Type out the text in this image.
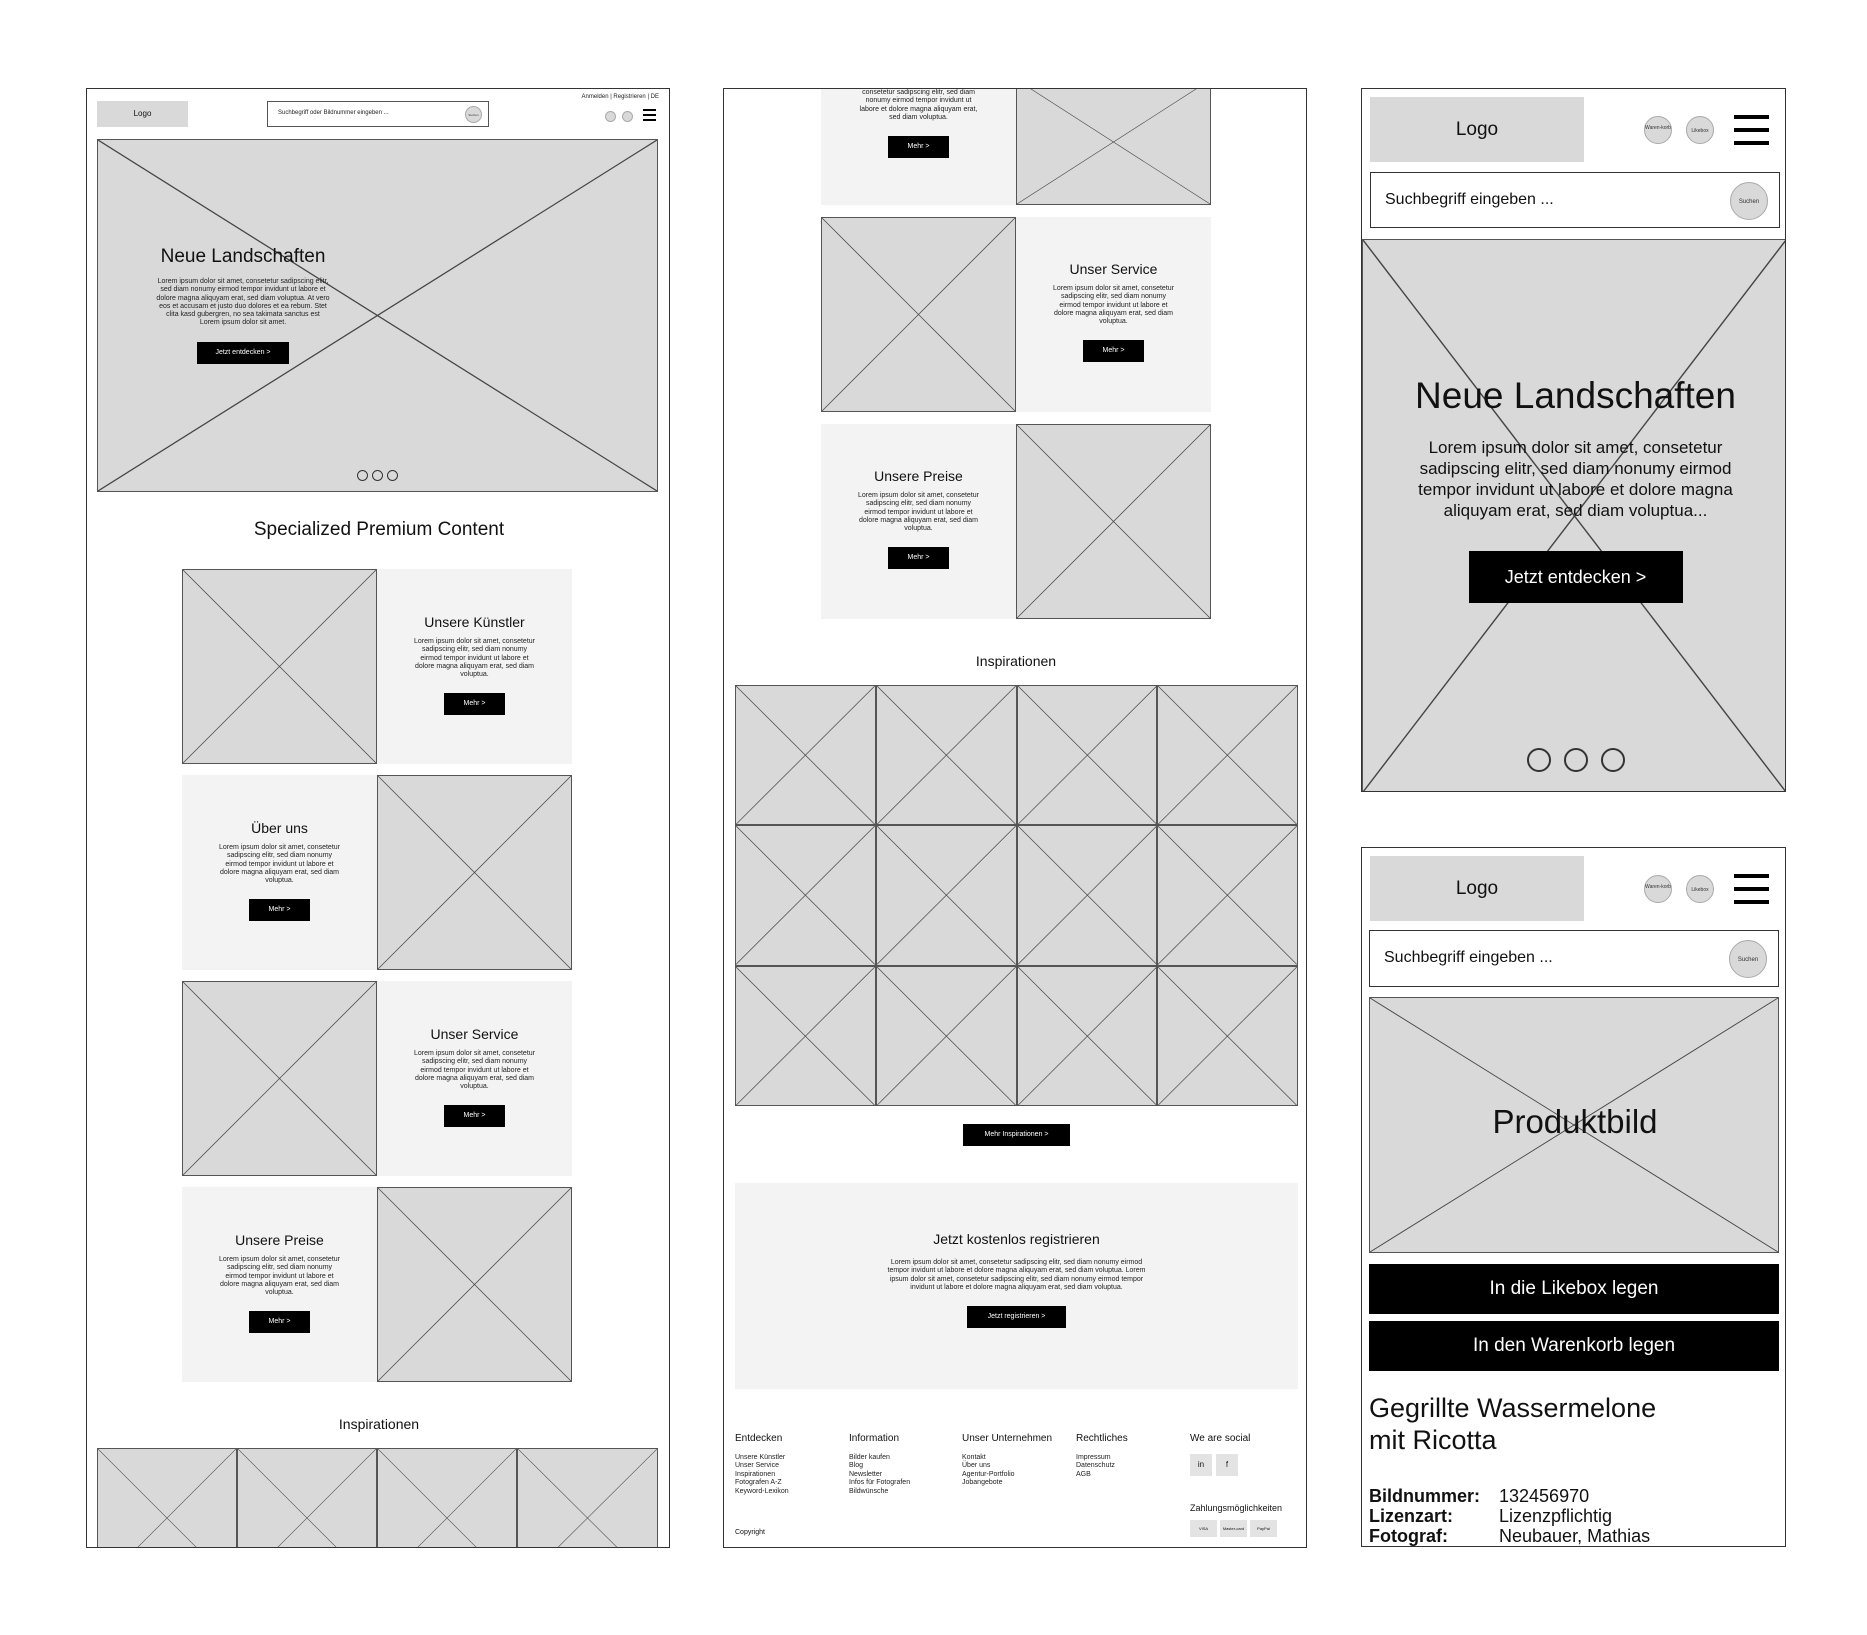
Logo	Suchbegriff oder Bildnummer eingeben ...	Suchen
Anmelden | Registrieren | DE
Neue Landschaften
Lorem ipsum dolor sit amet, consetetur sadipscing elitr, sed diam nonumy eirmod tempor invidunt ut labore et dolore magna aliquyam erat, sed diam voluptua. At vero eos et accusam et justo duo dolores et ea rebum. Stet clita kasd gubergren, no sea takimata sanctus est Lorem ipsum dolor sit amet.
Jetzt entdecken >
Specialized Premium Content
Unsere Künstler
Lorem ipsum dolor sit amet, consetetur sadipscing elitr, sed diam nonumy eirmod tempor invidunt ut labore et dolore magna aliquyam erat, sed diam voluptua.
Mehr >
Über uns
Lorem ipsum dolor sit amet, consetetur sadipscing elitr, sed diam nonumy eirmod tempor invidunt ut labore et dolore magna aliquyam erat, sed diam voluptua.
Mehr >
Unser Service
Lorem ipsum dolor sit amet, consetetur sadipscing elitr, sed diam nonumy eirmod tempor invidunt ut labore et dolore magna aliquyam erat, sed diam voluptua.
Mehr >
Unsere Preise
Lorem ipsum dolor sit amet, consetetur sadipscing elitr, sed diam nonumy eirmod tempor invidunt ut labore et dolore magna aliquyam erat, sed diam voluptua.
Mehr >
Inspirationen
consetetur sadipscing elitr, sed diam nonumy eirmod tempor invidunt ut labore et dolore magna aliquyam erat, sed diam voluptua.
Mehr >
Unser Service
Lorem ipsum dolor sit amet, consetetur sadipscing elitr, sed diam nonumy eirmod tempor invidunt ut labore et dolore magna aliquyam erat, sed diam voluptua.
Mehr >
Unsere Preise
Lorem ipsum dolor sit amet, consetetur sadipscing elitr, sed diam nonumy eirmod tempor invidunt ut labore et dolore magna aliquyam erat, sed diam voluptua.
Mehr >
Inspirationen
Mehr Inspirationen >
Jetzt kostenlos registrieren
Lorem ipsum dolor sit amet, consetetur sadipscing elitr, sed diam nonumy eirmod tempor invidunt ut labore et dolore magna aliquyam erat, sed diam voluptua. Lorem ipsum dolor sit amet, consetetur sadipscing elitr, sed diam nonumy eirmod tempor invidunt ut labore et dolore magna aliquyam erat, sed diam voluptua.
Jetzt registrieren >
Entdecken
Unsere Künstler
Unser Service
Inspirationen
Fotografen A-Z
Keyword-Lexikon
Information
Bilder kaufen
Blog
Newsletter
Infos für Fotografen
Bildwünsche
Unser Unternehmen
Kontakt
Über uns
Agentur-Portfolio
Jobangebote
Rechtliches
Impressum
Datenschutz
AGB
We are social
in	f
Zahlungsmöglichkeiten
VISA	Master-card	PayPal
Copyright
Logo	Waren-korb	Likebox
Suchbegriff eingeben ...	Suchen
Neue Landschaften
Lorem ipsum dolor sit amet, consetetur sadipscing elitr, sed diam nonumy eirmod tempor invidunt ut labore et dolore magna aliquyam erat, sed diam voluptua...
Jetzt entdecken >
Logo	Waren-korb	Likebox
Suchbegriff eingeben ...	Suchen
Produktbild
In die Likebox legen
In den Warenkorb legen
Gegrillte Wassermelone
mit Ricotta
Bildnummer: 132456970
Lizenzart:	Lizenzpflichtig
Fotograf:	Neubauer, Mathias
